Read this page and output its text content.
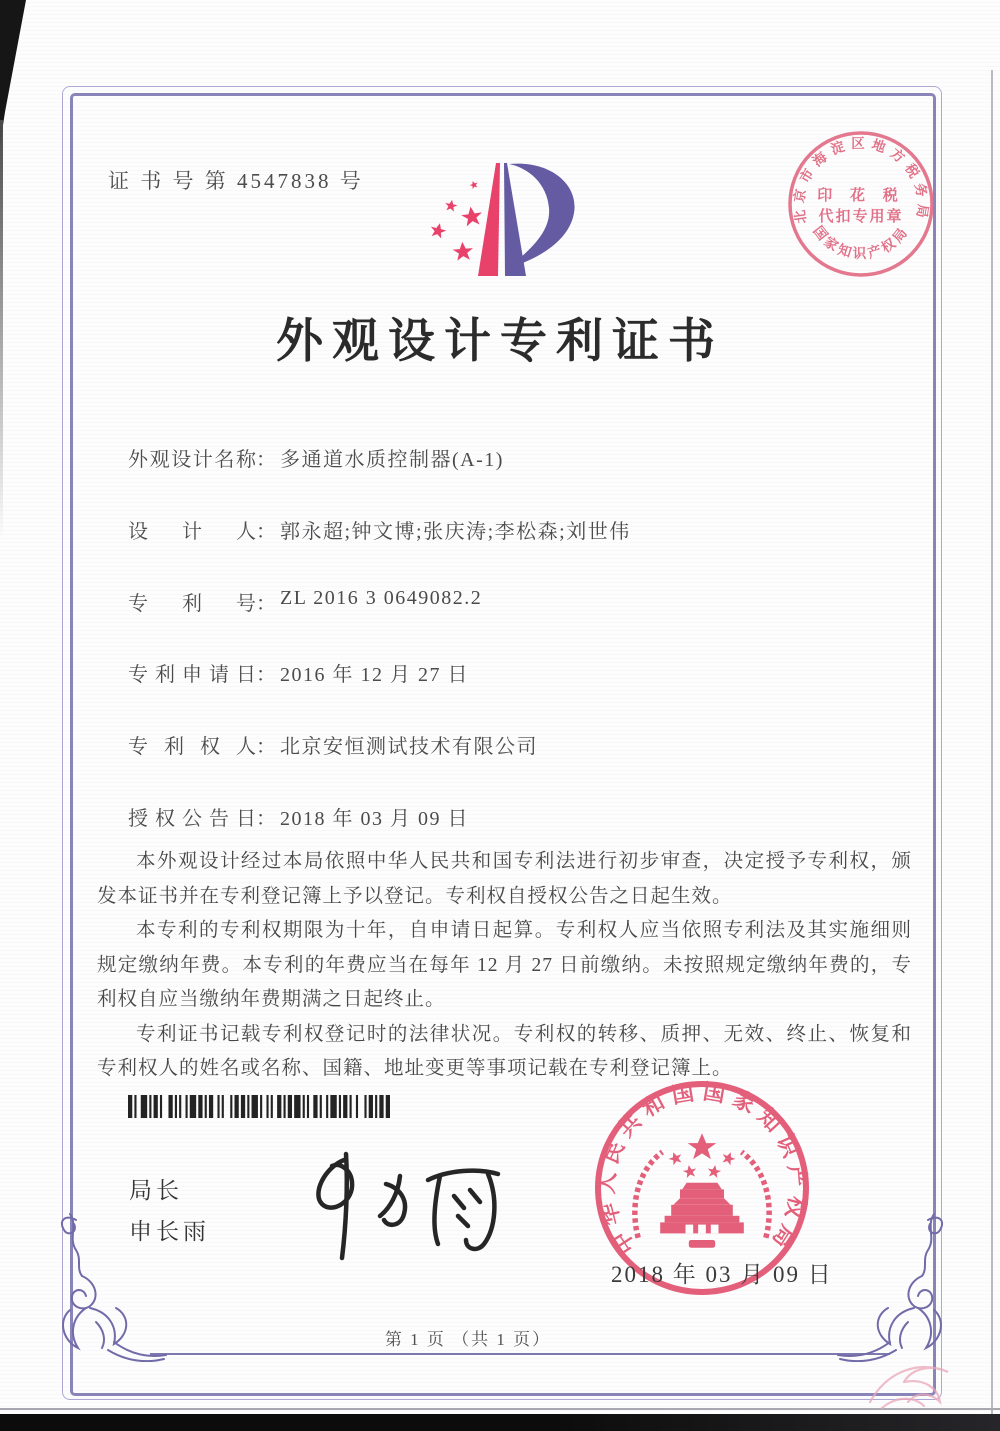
证 书 号 第 4547838 号
北京市海淀区地方税务局
印 花 税
代扣专用章
国家知识产权局
外观设计专利证书
外观设计名称： 多通道水质控制器(A-1)
设计人： 郭永超;钟文博;张庆涛;李松森;刘世伟
专利号： ZL 2016 3 0649082.2
专利申请日： 2016 年 12 月 27 日
专利权人： 北京安恒测试技术有限公司
授权公告日： 2018 年 03 月 09 日

本外观设计经过本局依照中华人民共和国专利法进行初步审查，决定授予专利权，颁发本证书并在专利登记簿上予以登记。专利权自授权公告之日起生效。

本专利的专利权期限为十年，自申请日起算。专利权人应当依照专利法及其实施细则规定缴纳年费。本专利的年费应当在每年 12 月 27 日前缴纳。未按照规定缴纳年费的，专利权自应当缴纳年费期满之日起终止。

专利证书记载专利权登记时的法律状况。专利权的转移、质押、无效、终止、恢复和专利权人的姓名或名称、国籍、地址变更等事项记载在专利登记簿上。

局长
申长雨	中华人民共和国国家知识产权局
2018 年 03 月 09 日
第 1 页 （共 1 页）
